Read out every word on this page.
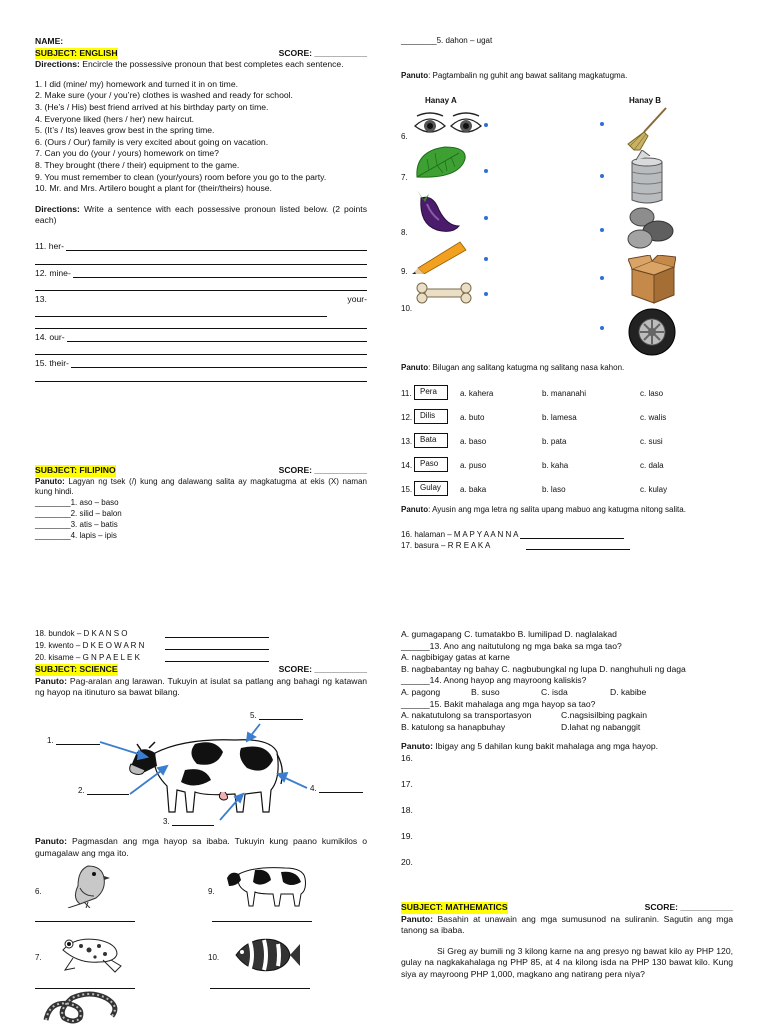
NAME:
SUBJECT: ENGLISH	SCORE: ___________
Directions: Encircle the possessive pronoun that best completes each sentence.
1. I did (mine/ my) homework and turned it in on time.
2. Make sure (your / you’re) clothes is washed and ready for school.
3. (He’s / His) best friend arrived at his birthday party on time.
4. Everyone liked (hers / her) new haircut.
5. (It’s / Its) leaves grow best in the spring time.
6. (Ours / Our) family is very excited about going on vacation.
7. Can you do (your / yours) homework on time?
8. They brought (there / their) equipment to the game.
9. You must remember to clean (your/yours) room before you go to the party.
10. Mr. and Mrs. Artilero bought a plant for (their/theirs) house.
Directions: Write a sentence with each possessive pronoun listed below. (2 points each)
11. her-
12. mine-
13.	your-
14. our-
15. their-
SUBJECT: FILIPINO	SCORE: ___________
Panuto: Lagyan ng tsek (/) kung ang dalawang salita ay magkatugma at ekis (X) naman kung hindi.
________1. aso – baso
________2. silid – balon
________3. atis – batis
________4. lapis – ipis
________5. dahon – ugat
Panuto: Pagtambalin ng guhit ang bawat salitang magkatugma.
Hanay A	Hanay B
6.
7.
8.
9.
10.
Panuto: Bilugan ang salitang katugma ng salitang nasa kahon.
11.	Pera	a. kahera	b. mananahi	c. laso
12. Dilis	a. buto	b. lamesa	c. walis
13. Bata	a. baso	b. pata	c. susi
14. Paso	a. puso	b. kaha	c. dala
15. Gulay	a. baka	b. laso	c. kulay
Panuto: Ayusin ang mga letra ng salita upang mabuo ang katugma nitong salita.
16. halaman – M A P Y A A N N A
17. basura – R R E A K A
18. bundok – D K A N S O
19. kwento – D K E O W A R N
20. kisame – G N P A E L E K
SUBJECT: SCIENCE	SCORE: ___________
Panuto: Pag-aralan ang larawan. Tukuyin at isulat sa patlang ang bahagi ng katawan ng hayop na itinuturo sa bawat bilang.
1.
2.
3.
4.
5.
Panuto: Pagmasdan ang mga hayop sa ibaba. Tukuyin kung paano kumikilos o gumagalaw ang mga ito.
6.
7.
9.
10.
A. gumagapang C. tumatakbo B. lumilipad D. naglalakad
______13. Ano ang naitutulong ng mga baka sa mga tao?
A. nagbibigay gatas at karne
B. nagbabantay ng bahay C. nagbubungkal ng lupa D. nanghuhuli ng daga
______14. Anong hayop ang mayroong kaliskis?
A. pagong	B. suso	C. isda	D. kabibe
______15. Bakit mahalaga ang mga hayop sa tao?
A. nakatutulong sa transportasyon	C.nagsisilbing pagkain
B. katulong sa hanapbuhay	D.lahat ng nabanggit
Panuto: Ibigay ang 5 dahilan kung bakit mahalaga ang mga hayop.
16.
17.
18.
19.
20.
SUBJECT: MATHEMATICS	SCORE: ___________
Panuto: Basahin at unawain ang mga sumusunod na suliranin. Sagutin ang mga tanong sa ibaba.
Si Greg ay bumili ng 3 kilong karne na ang presyo ng bawat kilo ay PHP 120, gulay na nagkakahalaga ng PHP 85, at 4 na kilong isda na PHP 130 bawat kilo. Kung siya ay mayroong PHP 1,000, magkano ang natirang pera niya?
